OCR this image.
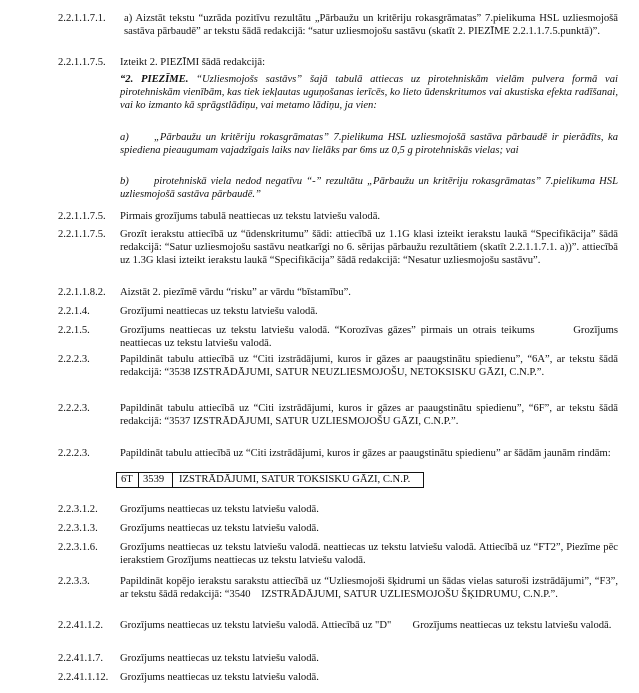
2.2.1.1.7.1.	a) Aizstāt tekstu “uzrāda pozitīvu rezultātu „Pārbaužu un kritēriju rokasgrāmatas” 7.pielikuma HSL uzliesmojošā sastāva pārbaudē” ar tekstu šādā redakcijā: “satur uzliesmojošu sastāvu (skatīt 2. PIEZĪME 2.2.1.1.7.5.punktā)”.
2.2.1.1.7.5.	Izteikt 2. PIEZĪMI šādā redakcijā:
“2. PIEZĪME. “Uzliesmojošs sastāvs” šajā tabulā attiecas uz pirotehniskām vielām pulvera formā vai pirotehniskām vienībām, kas tiek iekļautas uguņošanas ierīcēs, ko lieto ūdenskritumos vai akustiska efekta radīšanai, vai ko izmanto kā sprāgstlādiņu, vai metamo lādiņu, ja vien:
a) „Pārbaužu un kritēriju rokasgrāmatas” 7.pielikuma HSL uzliesmojošā sastāva pārbaudē ir pierādīts, ka spiediena pieaugumam vajadzīgais laiks nav lielāks par 6ms uz 0,5 g pirotehniskās vielas; vai
b) pirotehniskā viela nedod negatīvu “-” rezultātu „Pārbaužu un kritēriju rokasgrāmatas” 7.pielikuma HSL uzliesmojošā sastāva pārbaudē.”
2.2.1.1.7.5.	Pirmais grozījums tabulā neattiecas uz tekstu latviešu valodā.
2.2.1.1.7.5.	Grozīt ierakstu attiecībā uz “ūdenskritumu” šādi: attiecībā uz 1.1G klasi izteikt ierakstu laukā “Specifikācija” šādā redakcijā: “Satur uzliesmojošu sastāvu neatkarīgi no 6. sērijas pārbaužu rezultātiem (skatīt 2.2.1.1.7.1. a))”. attiecībā uz 1.3G klasi izteikt ierakstu laukā “Specifikācija” šādā redakcijā: “Nesatur uzliesmojošu sastāvu”.
2.2.1.1.8.2.	Aizstāt 2. piezīmē vārdu “risku” ar vārdu “bīstamību”.
2.2.1.4.	Grozījumi neattiecas uz tekstu latviešu valodā.
2.2.1.5.	Grozījums neattiecas uz tekstu latviešu valodā. “Korozīvas gāzes” pirmais un otrais teikums        Grozījums neattiecas uz tekstu latviešu valodā.
2.2.2.3.	Papildināt tabulu attiecībā uz “Citi izstrādājumi, kuros ir gāzes ar paaugstinātu spiedienu”, “6A”, ar tekstu šādā redakcijā: “3538 IZSTRĀDĀJUMI, SATUR NEUZLIESMOJOŠU, NETOKSISKU GĀZI, C.N.P.”.
2.2.2.3.	Papildināt tabulu attiecībā uz “Citi izstrādājumi, kuros ir gāzes ar paaugstinātu spiedienu”, “6F”, ar tekstu šādā redakcijā: “3537 IZSTRĀDĀJUMI, SATUR UZLIESMOJOŠU GĀZI, C.N.P.”.
2.2.2.3.	Papildināt tabulu attiecībā uz “Citi izstrādājumi, kuros ir gāzes ar paaugstinātu spiedienu” ar šādām jaunām rindām:
6T 3539	IZSTRĀDĀJUMI, SATUR TOKSISKU GĀZI, C.N.P.
2.2.3.1.2.	Grozījums neattiecas uz tekstu latviešu valodā.
2.2.3.1.3.	Grozījums neattiecas uz tekstu latviešu valodā.
2.2.3.1.6.	Grozījums neattiecas uz tekstu latviešu valodā. neattiecas uz tekstu latviešu valodā. Attiecībā uz “FT2”, Piezīme pēc ierakstiem Grozījums neattiecas uz tekstu latviešu valodā.
2.2.3.3.	Papildināt kopējo ierakstu sarakstu attiecībā uz “Uzliesmojoši šķidrumi un šādas vielas saturoši izstrādājumi”, “F3”, ar tekstu šādā redakcijā: “3540    IZSTRĀDĀJUMI, SATUR UZLIESMOJOŠU ŠĶIDRUMU, C.N.P.”.
2.2.41.1.2.	Grozījums neattiecas uz tekstu latviešu valodā. Attiecībā uz "D"        Grozījums neattiecas uz tekstu latviešu valodā.
2.2.41.1.7.	Grozījums neattiecas uz tekstu latviešu valodā.
2.2.41.1.12.	Grozījums neattiecas uz tekstu latviešu valodā.
